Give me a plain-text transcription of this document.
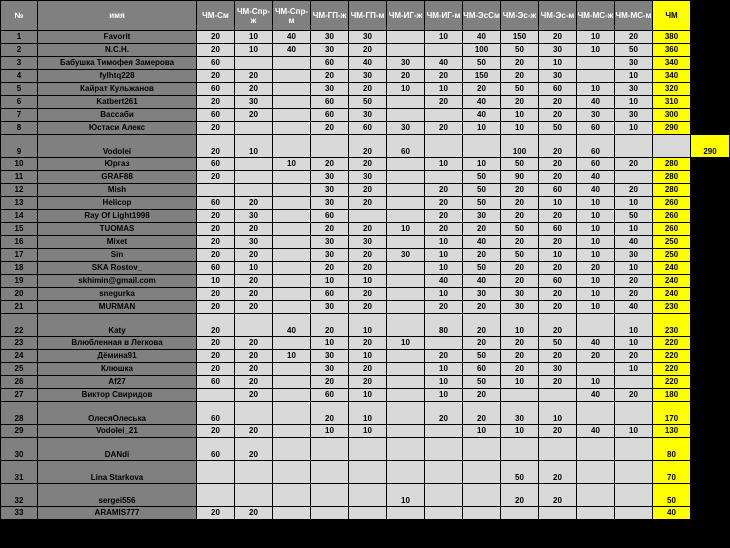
№	имя	ЧМ-См	ЧМ-Спр-ж	ЧМ-Спр-м	ЧМ-ГП-ж	ЧМ-ГП-м	ЧМ-ИГ-ж	ЧМ-ИГ-м	ЧМ-ЭсСм	ЧМ-Эс-ж	ЧМ-Эс-м	ЧМ-МС-ж	ЧМ-МС-м	ЧМ	
1	Favorit	20	10	40	30	30		10	40	150	20	10	20	380	
2	N.C.H.	20	10	40	30	20			100	50	30	10	50	360	
3	Бабушка Тимофея Замерова	60			60	40	30	40	50	20	10		30	340	
4	fylhtq228	20	20		20	30	20	20	150	20	30		10	340	
5	Кайрат Кульжанов	60	20		30	20	10	10	20	50	60	10	30	320	
6	Katbert261	20	30		60	50		20	40	20	20	40	10	310	
7	Вассаби	60	20		60	30			40	10	20	30	30	300	
8	Юстаси Алекс	20			20	60	30	20	10	10	50	60	10	290	
9	Vodolei	20	10			20	60			100	20	60			290
10	Юргаз	60		10	20	20		10	10	50	20	60	20	280	
11	GRAF88	20			30	30			50	90	20	40		280	
12	Mish				30	20		20	50	20	60	40	20	280	
13	Helicop	60	20		30	20		20	50	20	10	10	10	260	
14	Ray Of Light1998	20	30		60			20	30	20	20	10	50	260	
15	TUOMAS	20	20		20	20	10	20	20	50	60	10	10	260	
16	Mixet	20	30		30	30		10	40	20	20	10	40	250	
17	Sin	20	20		30	20	30	10	20	50	10	10	30	250	
18	SKA Rostov_	60	10		20	20		10	50	20	20	20	10	240	
19	skhimin@gmail.com	10	20		10	10		40	40	20	60	10	20	240	
20	snegurka	20	20		60	20		10	30	30	20	10	20	240	
21	MURMAN	20	20		30	20		20	20	30	20	10	40	230	
22	Katy	20		40	20	10		80	20	10	20		10	230	
23	Влюбленная в Легкова	20	20		10	20	10		20	20	50	40	10	220	
24	Дёмина91	20	20	10	30	10		20	50	20	20	20	20	220	
25	Клюшка	20	20		30	20		10	60	20	30		10	220	
26	Af27	60	20		20	20		10	50	10	20	10		220	
27	Виктор Свиридов		20		60	10		10	20			40	20	180	
28	ОлесяОлеська	60			20	10		20	20	30	10			170	
29	Vodolei_21	20	20		10	10			10	10	20	40	10	130	
30	DANdi	60	20											80	
31	Lina Starkova									50	20			70	
32	sergei556						10			20	20			50	
33	ARAMIS777	20	20											40	
